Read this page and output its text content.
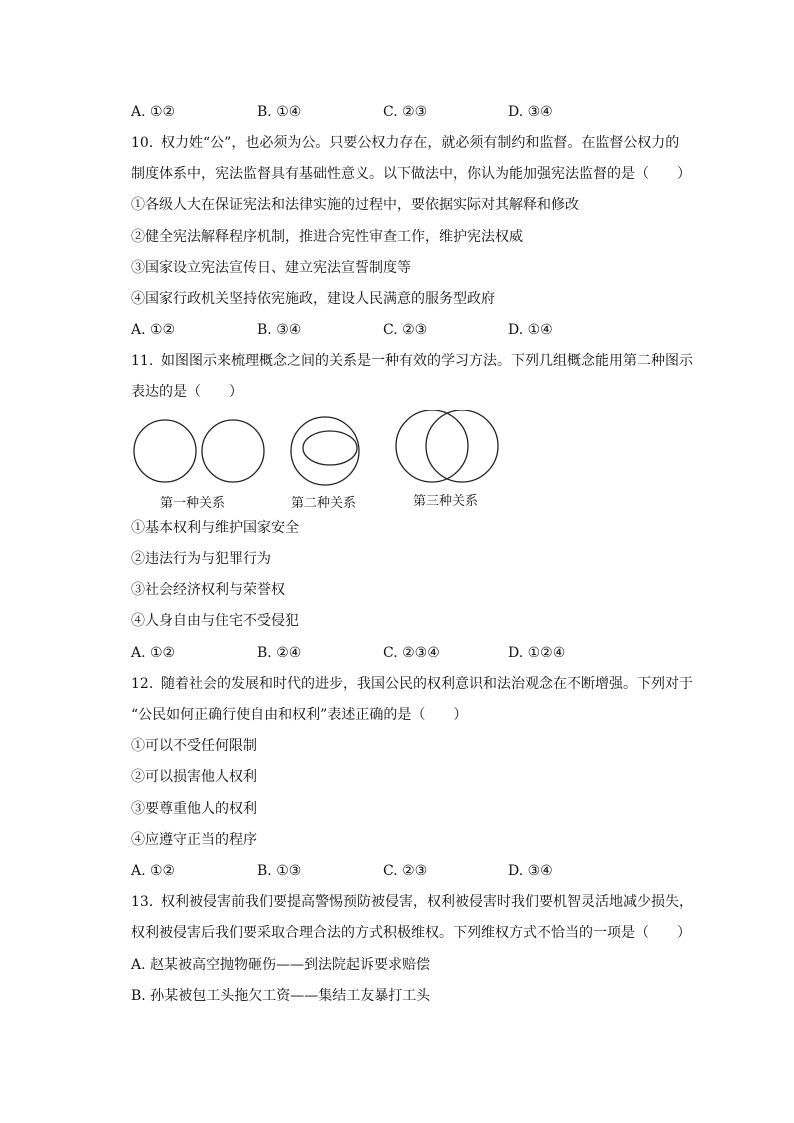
A. ①②	B. ①④	C. ②③	D. ③④
10. 权力姓“公”，也必须为公。只要公权力存在，就必须有制约和监督。在监督公权力的
制度体系中，宪法监督具有基础性意义。以下做法中，你认为能加强宪法监督的是（　　）
①各级人大在保证宪法和法律实施的过程中，要依据实际对其解释和修改
②健全宪法解释程序机制，推进合宪性审查工作，维护宪法权威
③国家设立宪法宣传日、建立宪法宣誓制度等
④国家行政机关坚持依宪施政，建设人民满意的服务型政府
A. ①②	B. ③④	C. ②③	D. ①④
11. 如图图示来梳理概念之间的关系是一种有效的学习方法。下列几组概念能用第二种图示
表达的是（　　）
第一种关系	第二种关系	第三种关系
①基本权利与维护国家安全
②违法行为与犯罪行为
③社会经济权利与荣誉权
④人身自由与住宅不受侵犯
A. ①②	B. ②④	C. ②③④	D. ①②④
12. 随着社会的发展和时代的进步，我国公民的权利意识和法治观念在不断增强。下列对于
“公民如何正确行使自由和权利”表述正确的是（　　）
①可以不受任何限制
②可以损害他人权利
③要尊重他人的权利
④应遵守正当的程序
A. ①②	B. ①③	C. ②③	D. ③④
13. 权利被侵害前我们要提高警惕预防被侵害，权利被侵害时我们要机智灵活地减少损失，
权利被侵害后我们要采取合理合法的方式积极维权。下列维权方式不恰当的一项是（　　）
A. 赵某被高空抛物砸伤——到法院起诉要求赔偿
B. 孙某被包工头拖欠工资——集结工友暴打工头
